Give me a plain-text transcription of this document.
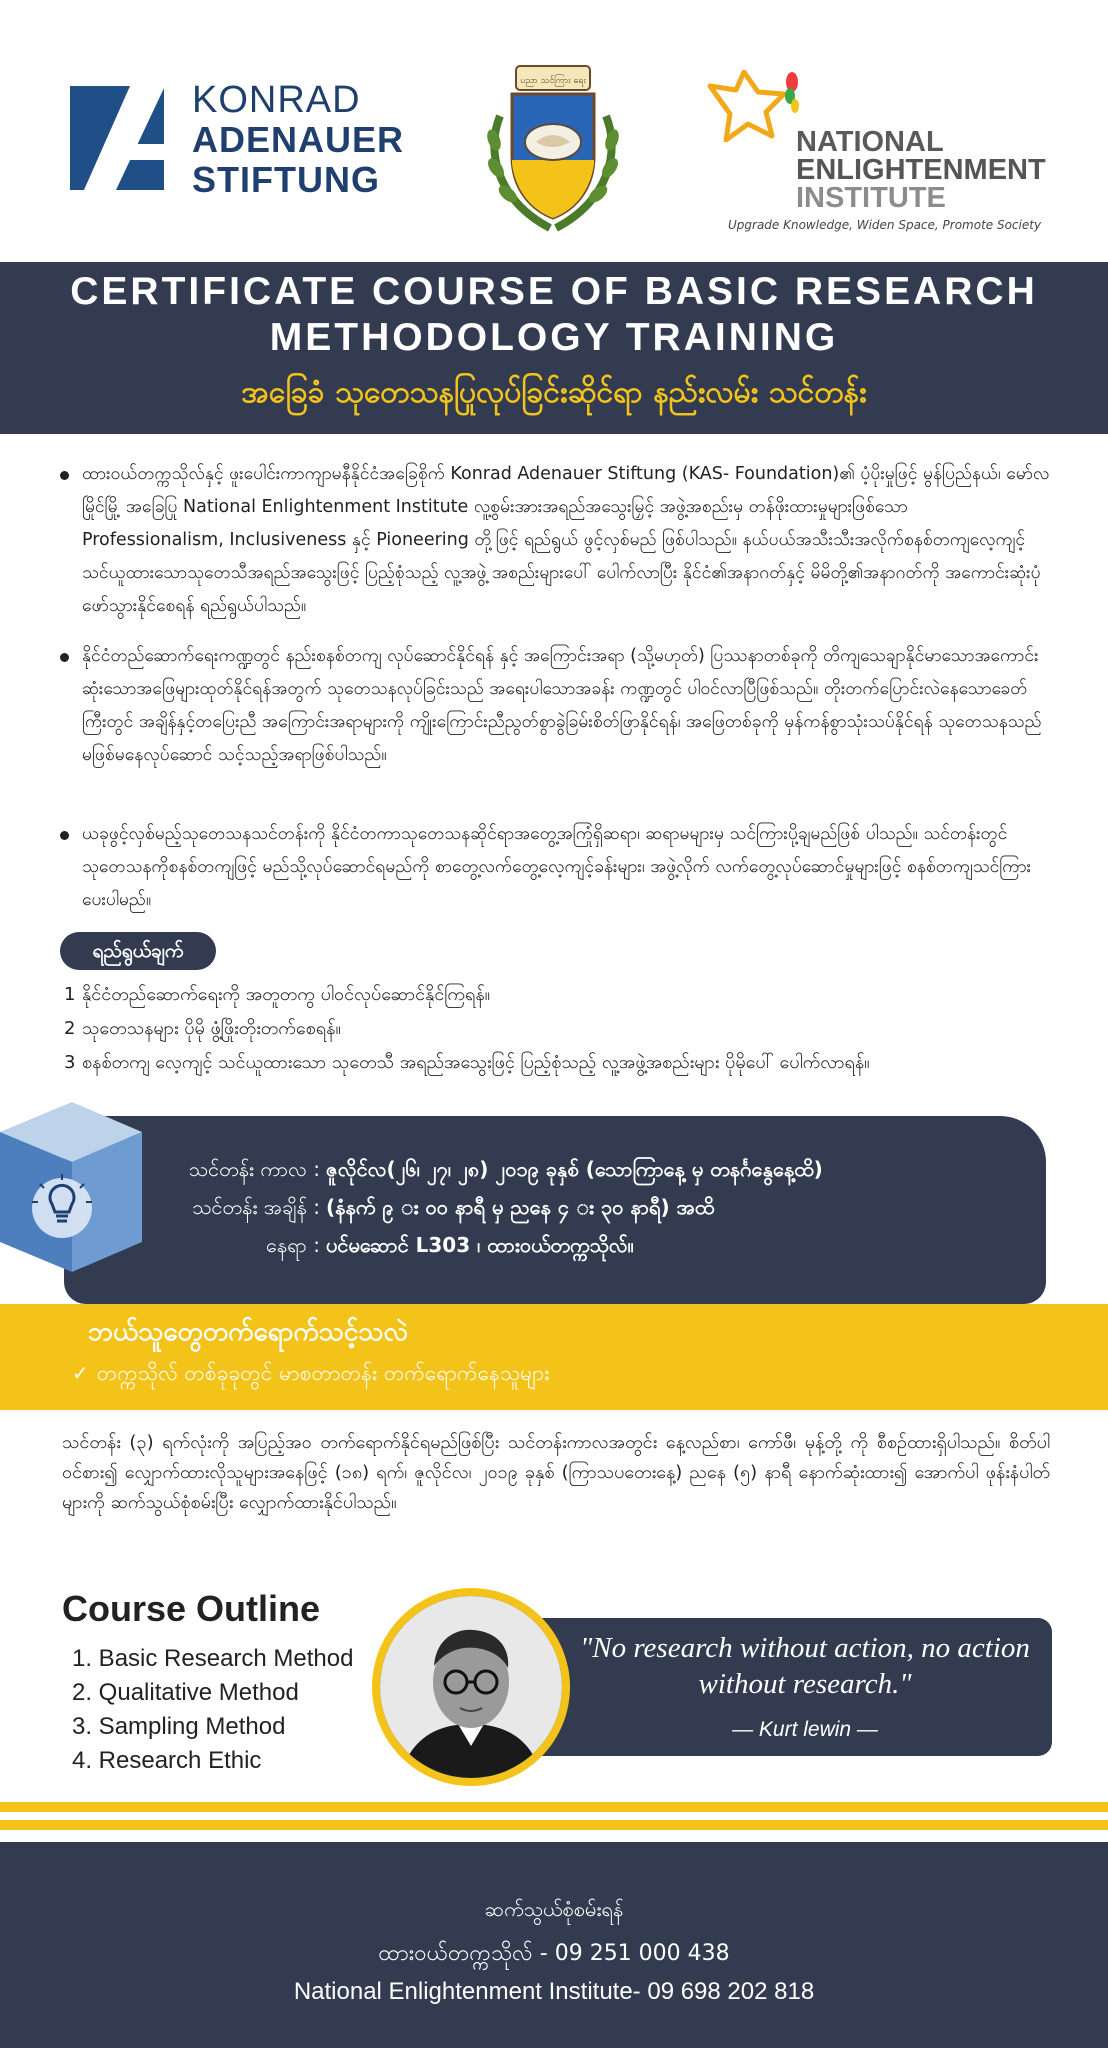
KONRAD
ADENAUER
STIFTUNG
ပညာ သင်ကြား ရေး
NATIONAL
ENLIGHTENMENT
INSTITUTE
Upgrade Knowledge, Widen Space, Promote Society
CERTIFICATE COURSE OF BASIC RESEARCH
METHODOLOGY TRAINING
အခြေခံ သုတေသနပြုလုပ်ခြင်းဆိုင်ရာ နည်းလမ်း သင်တန်း
ထားဝယ်တက္ကသိုလ်နှင့် ဖူးပေါင်းကာကျာမနီနိုင်ငံအခြေစိုက် Konrad Adenauer Stiftung (KAS- Foundation)၏ ပံ့ပိုးမှုဖြင့် မွန်ပြည်နယ်၊ မော်လမြိုင်မြို့ အခြေပြု National Enlightenment Institute လူ့စွမ်းအားအရည်အသွေးမြှင့် အဖွဲ့အစည်းမှ တန်ဖိုးထားမှုများဖြစ်သော Professionalism, Inclusiveness နှင့် Pioneering တို့ဖြင့် ရည်ရွယ် ဖွင့်လှစ်မည် ဖြစ်ပါသည်။ နယ်ပယ်အသီးသီးအလိုက်စနစ်တကျလေ့ကျင့် သင်ယူထားသောသုတေသီအရည်အသွေးဖြင့် ပြည့်စုံသည့် လူ့အဖွဲ့ အစည်းများပေါ် ပေါက်လာပြီး နိုင်ငံ၏အနာဂတ်နှင့် မိမိတို့၏အနာဂတ်ကို အကောင်းဆုံးပုံဖော်သွားနိုင်စေရန် ရည်ရွယ်ပါသည်။
နိုင်ငံတည်ဆောက်ရေးကဏ္ဍတွင် နည်းစနစ်တကျ လုပ်ဆောင်နိုင်ရန် နှင့် အကြောင်းအရာ (သို့မဟုတ်) ပြဿနာတစ်ခုကို တိကျသေချာနိုင်မာသောအကောင်းဆုံးသောအဖြေများထုတ်နိုင်ရန်အတွက် သုတေသနလုပ်ခြင်းသည် အရေးပါသောအခန်း ကဏ္ဍတွင် ပါဝင်လာပြီဖြစ်သည်။ တိုးတက်ပြောင်းလဲနေသောခေတ်ကြီးတွင် အချိန်နှင့်တပြေးညီ အကြောင်းအရာများကို ကျိုးကြောင်းညီညွတ်စွာခွဲခြမ်းစိတ်ဖြာနိုင်ရန်၊ အဖြေတစ်ခုကို မှန်ကန်စွာသုံးသပ်နိုင်ရန် သုတေသနသည် မဖြစ်မနေလုပ်ဆောင် သင့်သည့်အရာဖြစ်ပါသည်။
ယခုဖွင့်လှစ်မည့်သုတေသနသင်တန်းကို နိုင်ငံတကာသုတေသနဆိုင်ရာအတွေ့အကြုံရှိဆရာ၊ ဆရာမများမှ သင်ကြားပို့ချမည်ဖြစ် ပါသည်။ သင်တန်းတွင် သုတေသနကိုစနစ်တကျဖြင့် မည်သို့လုပ်ဆောင်ရမည်ကို စာတွေ့လက်တွေ့လေ့ကျင့်ခန်းများ၊ အဖွဲ့လိုက် လက်တွေ့လုပ်ဆောင်မှုများဖြင့် စနစ်တကျသင်ကြားပေးပါမည်။
ရည်ရွယ်ချက်
1 နိုင်ငံတည်ဆောက်ရေးကို အတူတကွ ပါဝင်လုပ်ဆောင်နိုင်ကြရန်။
2 သုတေသနများ ပိုမို ဖွံ့ဖြိုးတိုးတက်စေရန်။
3 စနစ်တကျ လေ့ကျင့် သင်ယူထားသော သုတေသီ အရည်အသွေးဖြင့် ပြည့်စုံသည့် လူ့အဖွဲ့အစည်းများ ပိုမိုပေါ် ပေါက်လာရန်။
သင်တန်း ကာလ : ဇူလိုင်လ(၂၆၊ ၂၇၊ ၂၈) ၂၀၁၉ ခုနှစ် (သောကြာနေ့ မှ တနင်္ဂနွေနေ့ထိ)
သင်တန်း အချိန် : (နံနက် ၉ း ၀၀ နာရီ မှ ညနေ ၄ း ၃၀ နာရီ) အထိ
နေရာ : ပင်မဆောင် L303 ၊ ထားဝယ်တက္ကသိုလ်။
ဘယ်သူတွေတက်ရောက်သင့်သလဲ
✓ တက္ကသိုလ် တစ်ခုခုတွင် မာစတာတန်း တက်ရောက်နေသူများ
သင်တန်း (၃) ရက်လုံးကို အပြည့်အဝ တက်ရောက်နိုင်ရမည်ဖြစ်ပြီး သင်တန်းကာလအတွင်း နေ့လည်စာ၊ ကော်ဖီ၊ မုန့်တို့ ကို စီစဉ်ထားရှိပါသည်။ စိတ်ပါဝင်စား၍ လျှောက်ထားလိုသူများအနေဖြင့် (၁၈) ရက်၊ ဇူလိုင်လ၊ ၂၀၁၉ ခုနှစ် (ကြာသပတေးနေ့) ညနေ (၅) နာရီ နောက်ဆုံးထား၍ အောက်ပါ ဖုန်းနံပါတ်များကို ဆက်သွယ်စုံစမ်းပြီး လျှောက်ထားနိုင်ပါသည်။
Course Outline
1. Basic Research Method
2. Qualitative Method
3. Sampling Method
4. Research Ethic
"No research without action, no action without research."
— Kurt lewin —
ဆက်သွယ်စုံစမ်းရန်
ထားဝယ်တက္ကသိုလ် - 09 251 000 438
National Enlightenment Institute- 09 698 202 818
